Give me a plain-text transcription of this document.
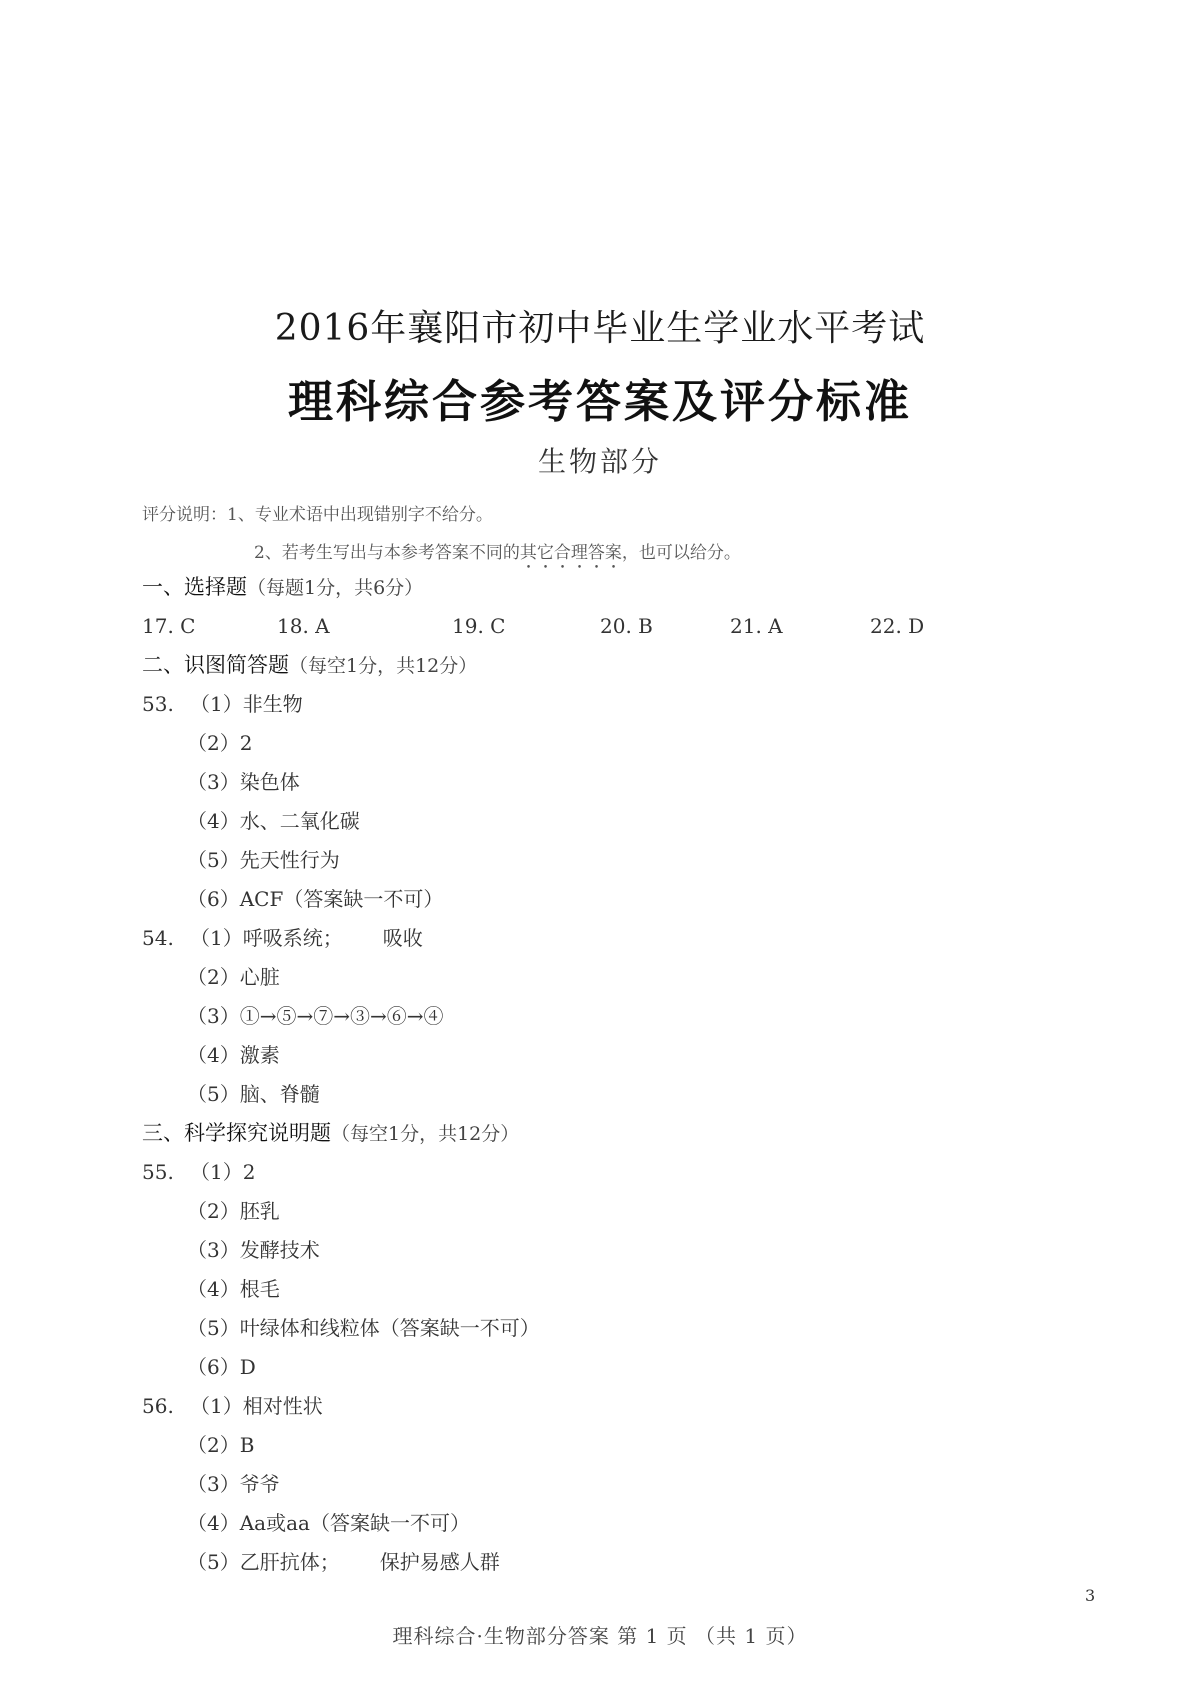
2016年襄阳市初中毕业生学业水平考试
理科综合参考答案及评分标准
生物部分
评分说明：1、专业术语中出现错别字不给分。
2、若考生写出与本参考答案不同的其它合理答案，也可以给分。
一、选择题（每题1分，共6分）
17. C	18. A	19. C	20. B	21. A	22. D
二、识图简答题（每空1分，共12分）
53. （1）非生物
（2）2
（3）染色体
（4）水、二氧化碳
（5）先天性行为
（6）ACF（答案缺一不可）
54. （1）呼吸系统； 吸收
（2）心脏
（3）①→⑤→⑦→③→⑥→④
（4）激素
（5）脑、脊髓
三、科学探究说明题（每空1分，共12分）
55. （1）2
（2）胚乳
（3）发酵技术
（4）根毛
（5）叶绿体和线粒体（答案缺一不可）
（6）D
56. （1）相对性状
（2）B
（3）爷爷
（4）Aa或aa（答案缺一不可）
（5）乙肝抗体； 保护易感人群
3
理科综合·生物部分答案 第 1 页 （共 1 页）
